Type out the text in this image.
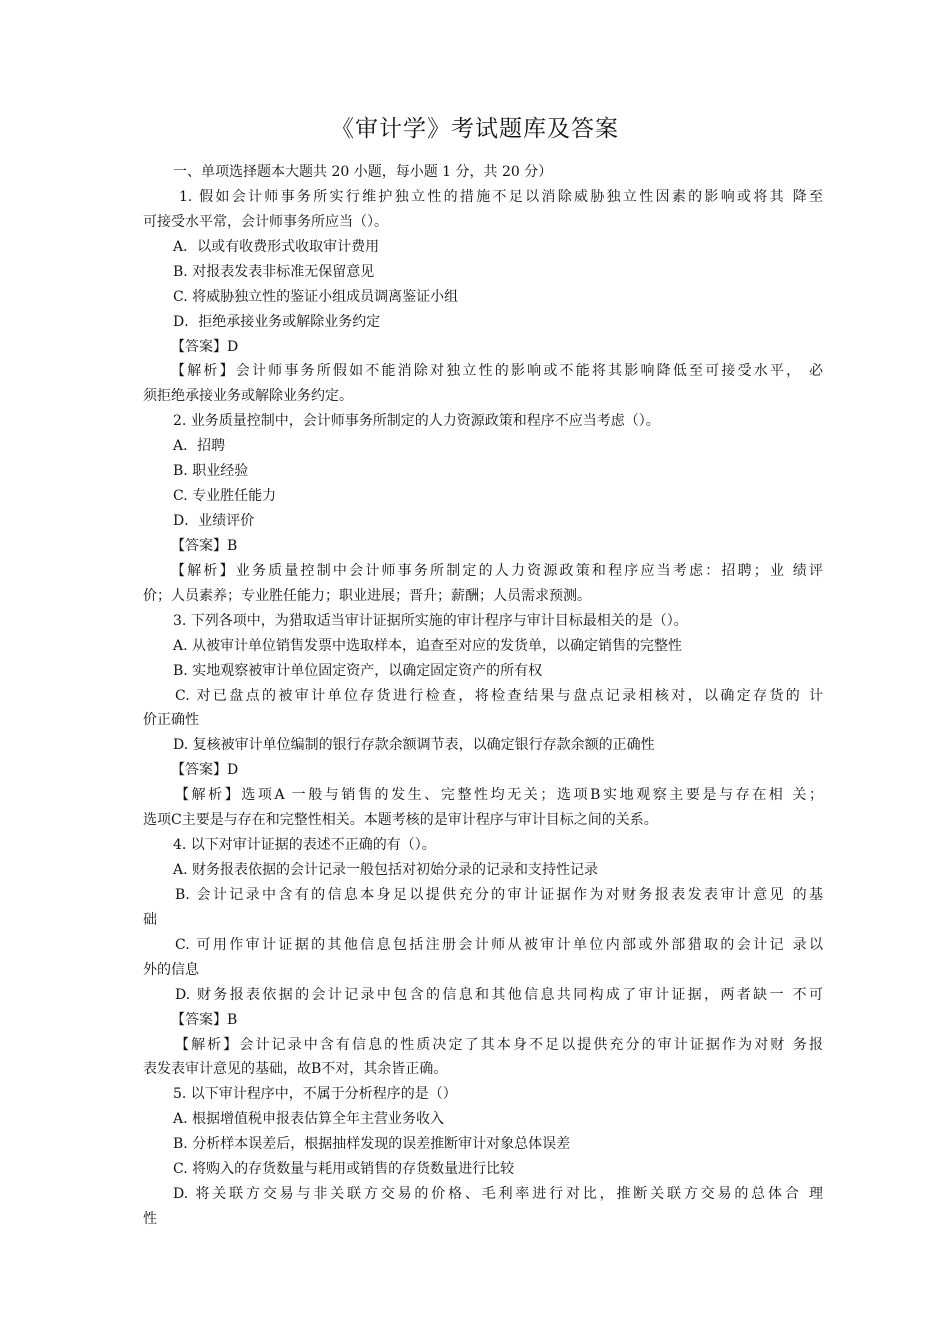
《审计学》考试题库及答案
一、单项选择题本大题共 20 小题，每小题 1 分，共 20 分）
1. 假如会计师事务所实行维护独立性的措施不足以消除威胁独立性因素的影响或将其 降至
可接受水平常，会计师事务所应当（）。
A．以或有收费形式收取审计费用
B. 对报表发表非标准无保留意见
C. 将威胁独立性的鉴证小组成员调离鉴证小组
D．拒绝承接业务或解除业务约定
【答案】D
【解析】会计师事务所假如不能消除对独立性的影响或不能将其影响降低至可接受水平， 必
须拒绝承接业务或解除业务约定。
2. 业务质量控制中，会计师事务所制定的人力资源政策和程序不应当考虑（）。
A．招聘
B. 职业经验
C. 专业胜任能力
D．业绩评价
【答案】B
【解析】业务质量控制中会计师事务所制定的人力资源政策和程序应当考虑：招聘；业 绩评
价；人员素养；专业胜任能力；职业进展；晋升；薪酬；人员需求预测。
3. 下列各项中，为猎取适当审计证据所实施的审计程序与审计目标最相关的是（）。
A. 从被审计单位销售发票中选取样本，追查至对应的发货单，以确定销售的完整性
B. 实地观察被审计单位固定资产，以确定固定资产的所有权
C. 对已盘点的被审计单位存货进行检查，将检查结果与盘点记录相核对，以确定存货的 计
价正确性
D. 复核被审计单位编制的银行存款余额调节表，以确定银行存款余额的正确性
【答案】D
【解析】选项A 一般与销售的发生、完整性均无关；选项B实地观察主要是与存在相 关；
选项C主要是与存在和完整性相关。本题考核的是审计程序与审计目标之间的关系。
4. 以下对审计证据的表述不正确的有（）。
A. 财务报表依据的会计记录一般包括对初始分录的记录和支持性记录
B. 会计记录中含有的信息本身足以提供充分的审计证据作为对财务报表发表审计意见 的基
础
C. 可用作审计证据的其他信息包括注册会计师从被审计单位内部或外部猎取的会计记 录以
外的信息
D. 财务报表依据的会计记录中包含的信息和其他信息共同构成了审计证据，两者缺一 不可
【答案】B
【解析】会计记录中含有信息的性质决定了其本身不足以提供充分的审计证据作为对财 务报
表发表审计意见的基础，故B不对，其余皆正确。
5. 以下审计程序中，不属于分析程序的是（）
A. 根据增值税申报表估算全年主营业务收入
B. 分析样本误差后，根据抽样发现的误差推断审计对象总体误差
C. 将购入的存货数量与耗用或销售的存货数量进行比较
D. 将关联方交易与非关联方交易的价格、毛利率进行对比，推断关联方交易的总体合 理
性
